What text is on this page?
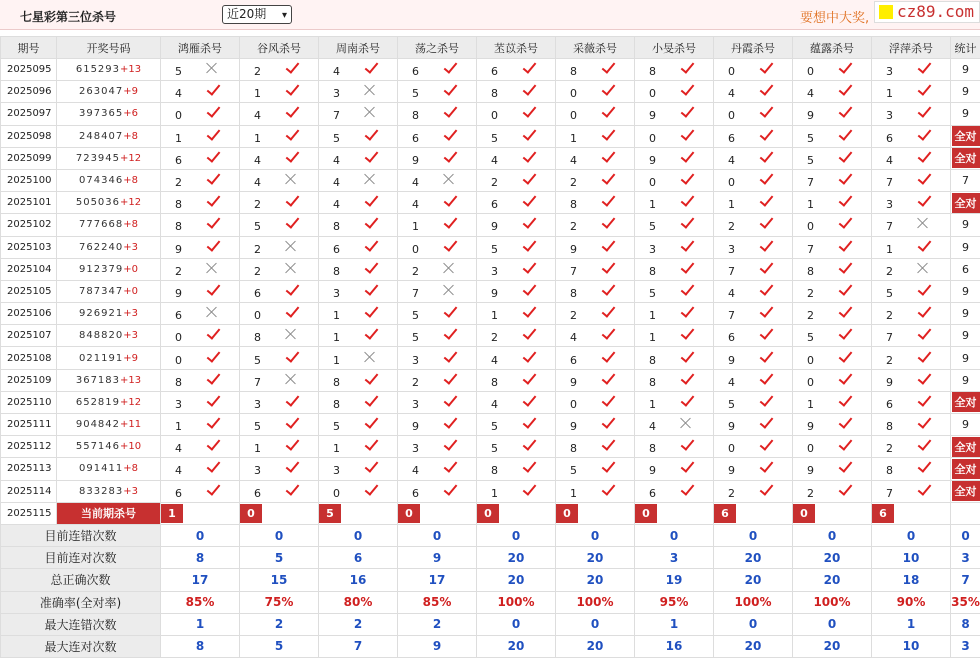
七星彩第三位杀号	近20期 ▾	要想中大奖,	cz89.com
期号	开奖号码	鸿雁杀号	谷风杀号	周南杀号	荡之杀号	苤苡杀号	采薇杀号	小旻杀号	丹霞杀号	蕴露杀号	浮萍杀号	统计
2025095	615293+13	5	2	4	6	6	8	8	0	0	3	9
2025096	263047+9	4	1	3	5	8	0	0	4	4	1	9
2025097	397365+6	0	4	7	8	0	0	9	0	9	3	9
2025098	248407+8	1	1	5	6	5	1	0	6	5	6	全对
2025099	723945+12	6	4	4	9	4	4	9	4	5	4	全对
2025100	074346+8	2	4	4	4	2	2	0	0	7	7	7
2025101	505036+12	8	2	4	4	6	8	1	1	1	3	全对
2025102	777668+8	8	5	8	1	9	2	5	2	0	7	9
2025103	762240+3	9	2	6	0	5	9	3	3	7	1	9
2025104	912379+0	2	2	8	2	3	7	8	7	8	2	6
2025105	787347+0	9	6	3	7	9	8	5	4	2	5	9
2025106	926921+3	6	0	1	5	1	2	1	7	2	2	9
2025107	848820+3	0	8	1	5	2	4	1	6	5	7	9
2025108	021191+9	0	5	1	3	4	6	8	9	0	2	9
2025109	367183+13	8	7	8	2	8	9	8	4	0	9	9
2025110	652819+12	3	3	8	3	4	0	1	5	1	6	全对
2025111	904842+11	1	5	5	9	5	9	4	9	9	8	9
2025112	557146+10	4	1	1	3	5	8	8	0	0	2	全对
2025113	091411+8	4	3	3	4	8	5	9	9	9	8	全对
2025114	833283+3	6	6	0	6	1	1	6	2	2	7	全对
2025115	当前期杀号	1	0	5	0	0	0	0	6	0	6	
目前连错次数		0	0	0	0	0	0	0	0	0	0	0
目前连对次数		8	5	6	9	20	20	3	20	20	10	3
总正确次数		17	15	16	17	20	20	19	20	20	18	7
准确率(全对率)		85%	75%	80%	85%	100%	100%	95%	100%	100%	90%	35%
最大连错次数		1	2	2	2	0	0	1	0	0	1	8
最大连对次数		8	5	7	9	20	20	16	20	20	10	3
